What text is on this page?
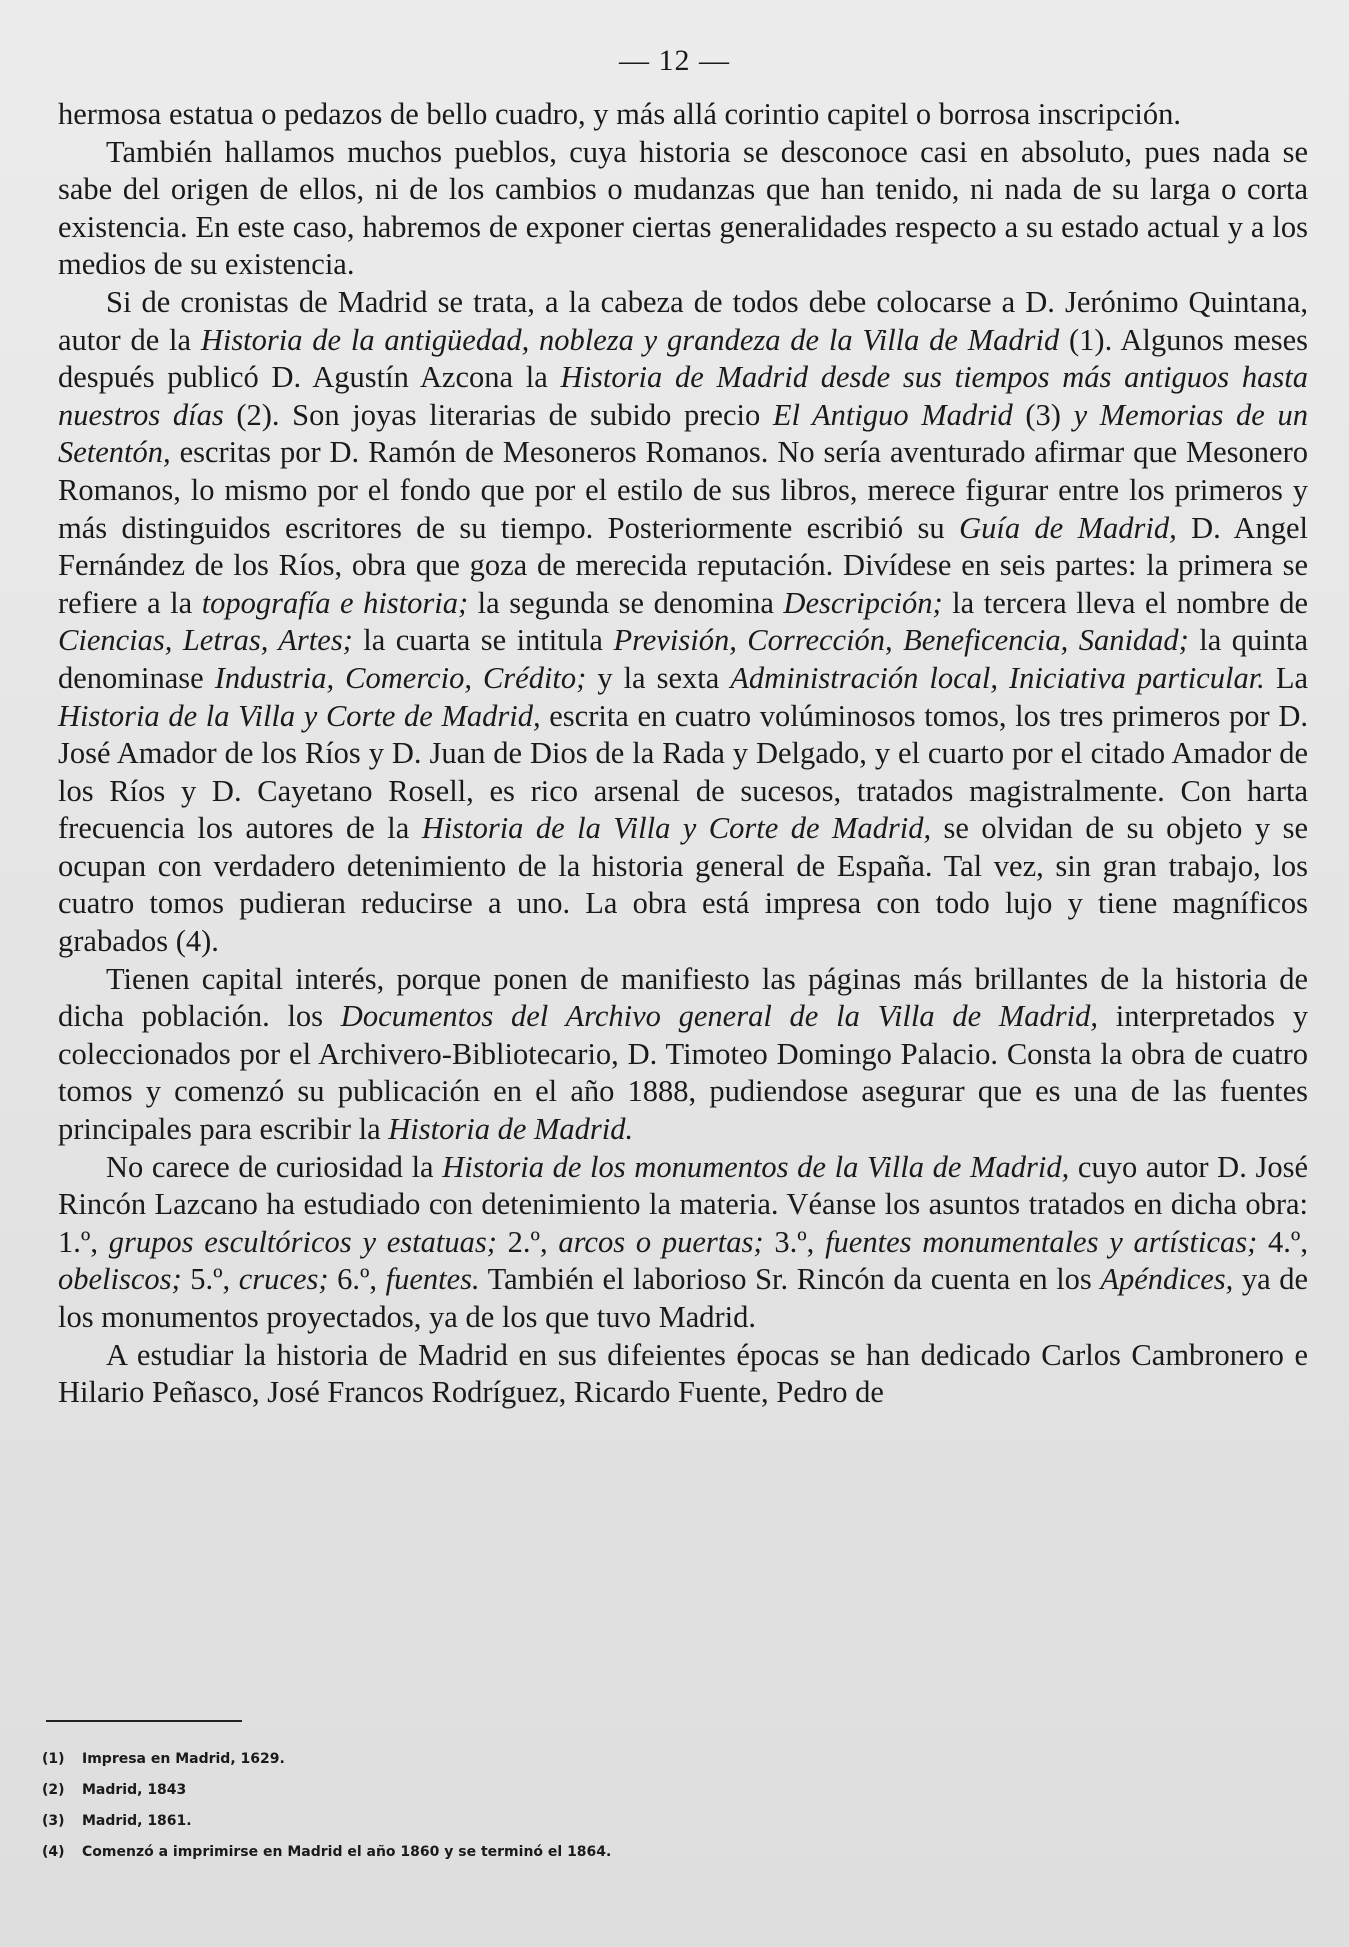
— 12 —

hermosa estatua o pedazos de bello cuadro, y más allá corintio capitel o borrosa inscripción.

También hallamos muchos pueblos, cuya historia se desconoce casi en absoluto, pues nada se sabe del origen de ellos, ni de los cambios o mudanzas que han tenido, ni nada de su larga o corta existencia. En este caso, habremos de exponer ciertas generalidades respecto a su estado actual y a los medios de su existencia.

Si de cronistas de Madrid se trata, a la cabeza de todos debe colocarse a D. Jerónimo Quintana, autor de la Historia de la antigüedad, nobleza y grandeza de la Villa de Madrid (1). Algunos meses después publicó D. Agustín Azcona la Historia de Madrid desde sus tiempos más antiguos hasta nuestros días (2). Son joyas literarias de subido precio El Antiguo Madrid (3) y Memorias de un Setentón, escritas por D. Ramón de Mesoneros Romanos. No sería aventurado afirmar que Mesonero Romanos, lo mismo por el fondo que por el estilo de sus libros, merece figurar entre los primeros y más distinguidos escritores de su tiempo. Posteriormente escribió su Guía de Madrid, D. Angel Fernández de los Ríos, obra que goza de merecida reputación. Divídese en seis partes: la primera se refiere a la topografía e historia; la segunda se denomina Descripción; la tercera lleva el nombre de Ciencias, Letras, Artes; la cuarta se intitula Previsión, Corrección, Beneficencia, Sanidad; la quinta denominase Industria, Comercio, Crédito; y la sexta Administración local, Iniciativa particular. La Historia de la Villa y Corte de Madrid, escrita en cuatro volúminosos tomos, los tres primeros por D. José Amador de los Ríos y D. Juan de Dios de la Rada y Delgado, y el cuarto por el citado Amador de los Ríos y D. Cayetano Rosell, es rico arsenal de sucesos, tratados magistralmente. Con harta frecuencia los autores de la Historia de la Villa y Corte de Madrid, se olvidan de su objeto y se ocupan con verdadero detenimiento de la historia general de España. Tal vez, sin gran trabajo, los cuatro tomos pudieran reducirse a uno. La obra está impresa con todo lujo y tiene magníficos grabados (4).

Tienen capital interés, porque ponen de manifiesto las páginas más brillantes de la historia de dicha población. los Documentos del Archivo general de la Villa de Madrid, interpretados y coleccionados por el Archivero-Bibliotecario, D. Timoteo Domingo Palacio. Consta la obra de cuatro tomos y comenzó su publicación en el año 1888, pudiendose asegurar que es una de las fuentes principales para escribir la Historia de Madrid.

No carece de curiosidad la Historia de los monumentos de la Villa de Madrid, cuyo autor D. José Rincón Lazcano ha estudiado con detenimiento la materia. Véanse los asuntos tratados en dicha obra: 1.º, grupos escultóricos y estatuas; 2.º, arcos o puertas; 3.º, fuentes monumentales y artísticas; 4.º, obeliscos; 5.º, cruces; 6.º, fuentes. También el laborioso Sr. Rincón da cuenta en los Apéndices, ya de los monumentos proyectados, ya de los que tuvo Madrid.

A estudiar la historia de Madrid en sus difeientes épocas se han dedicado Carlos Cambronero e Hilario Peñasco, José Francos Rodríguez, Ricardo Fuente, Pedro de

(1) Impresa en Madrid, 1629.
(2) Madrid, 1843
(3) Madrid, 1861.
(4) Comenzó a imprimirse en Madrid el año 1860 y se terminó el 1864.
